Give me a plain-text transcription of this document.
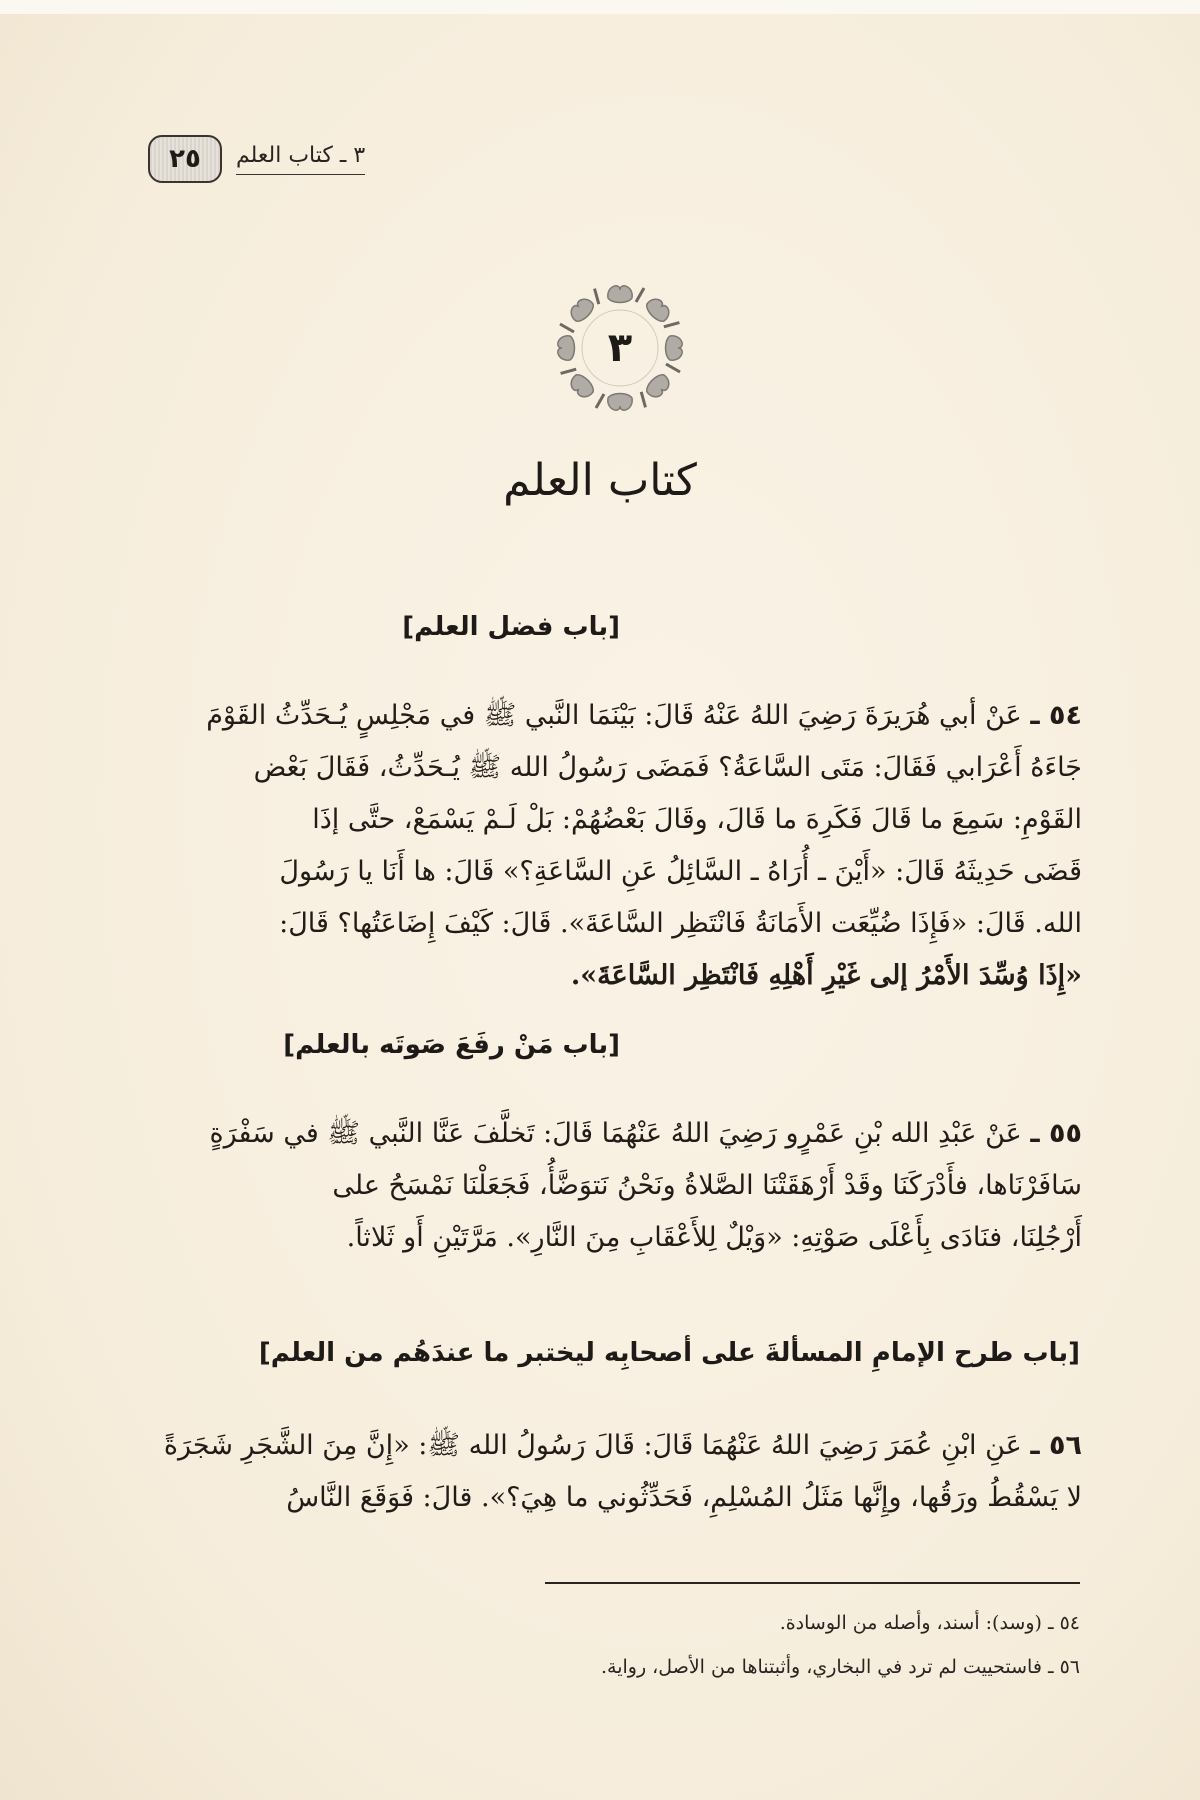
٢٥ ٣ ـ كتاب العلم
٣
كتاب العلم
[باب فضل العلم]

٥٤ ـ عَنْ أبي هُرَيرَةَ رَضِيَ اللهُ عَنْهُ قَالَ: بَيْنَمَا النَّبي ﷺ في مَجْلِسٍ يُـحَدِّثُ القَوْمَ

جَاءَهُ أَعْرَابي فَقَالَ: مَتَى السَّاعَةُ؟ فَمَضَى رَسُولُ الله ﷺ يُـحَدِّثُ، فَقَالَ بَعْض

القَوْمِ: سَمِعَ ما قَالَ فَكَرِهَ ما قَالَ، وقَالَ بَعْضُهُمْ: بَلْ لَـمْ يَسْمَعْ، حتَّى إذَا

قَضَى حَدِيثَهُ قَالَ: «أَيْنَ ـ أُرَاهُ ـ السَّائِلُ عَنِ السَّاعَةِ؟» قَالَ: ها أَنَا يا رَسُولَ

الله. قَالَ: «فَإِذَا ضُيِّعَت الأَمَانَةُ فَانْتَظِر السَّاعَةَ». قَالَ: كَيْفَ إِضَاعَتُها؟ قَالَ:

«إِذَا وُسِّدَ الأَمْرُ إلى غَيْرِ أَهْلِهِ فَانْتَظِر السَّاعَةَ».

[باب مَنْ رفَعَ صَوتَه بالعلم]

٥٥ ـ عَنْ عَبْدِ الله بْنِ عَمْرٍو رَضِيَ اللهُ عَنْهُمَا قَالَ: تَخلَّفَ عَنَّا النَّبي ﷺ في سَفْرَةٍ

سَافَرْنَاها، فأَدْرَكَنَا وقَدْ أَرْهَقَتْنَا الصَّلاةُ ونَحْنُ نَتوَضَّأُ، فَجَعَلْنَا نَمْسَحُ على

أَرْجُلِنَا، فنَادَى بِأَعْلَى صَوْتِهِ: «وَيْلٌ لِلأَعْقَابِ مِنَ النَّارِ». مَرَّتَيْنِ أَو ثَلاثاً.

[باب طرح الإمامِ المسألةَ على أصحابِه ليختبر ما عندَهُم من العلم]

٥٦ ـ عَنِ ابْنِ عُمَرَ رَضِيَ اللهُ عَنْهُمَا قَالَ: قَالَ رَسُولُ الله ﷺ: «إِنَّ مِنَ الشَّجَرِ شَجَرَةً

لا يَسْقُطُ ورَقُها، وإِنَّها مَثَلُ المُسْلِمِ، فَحَدِّثُوني ما هِيَ؟». قالَ: فَوَقَعَ النَّاسُ

٥٤ ـ (وسد): أسند، وأصله من الوسادة.
٥٦ ـ فاستحييت لم ترد في البخاري، وأثبتناها من الأصل، رواية.
